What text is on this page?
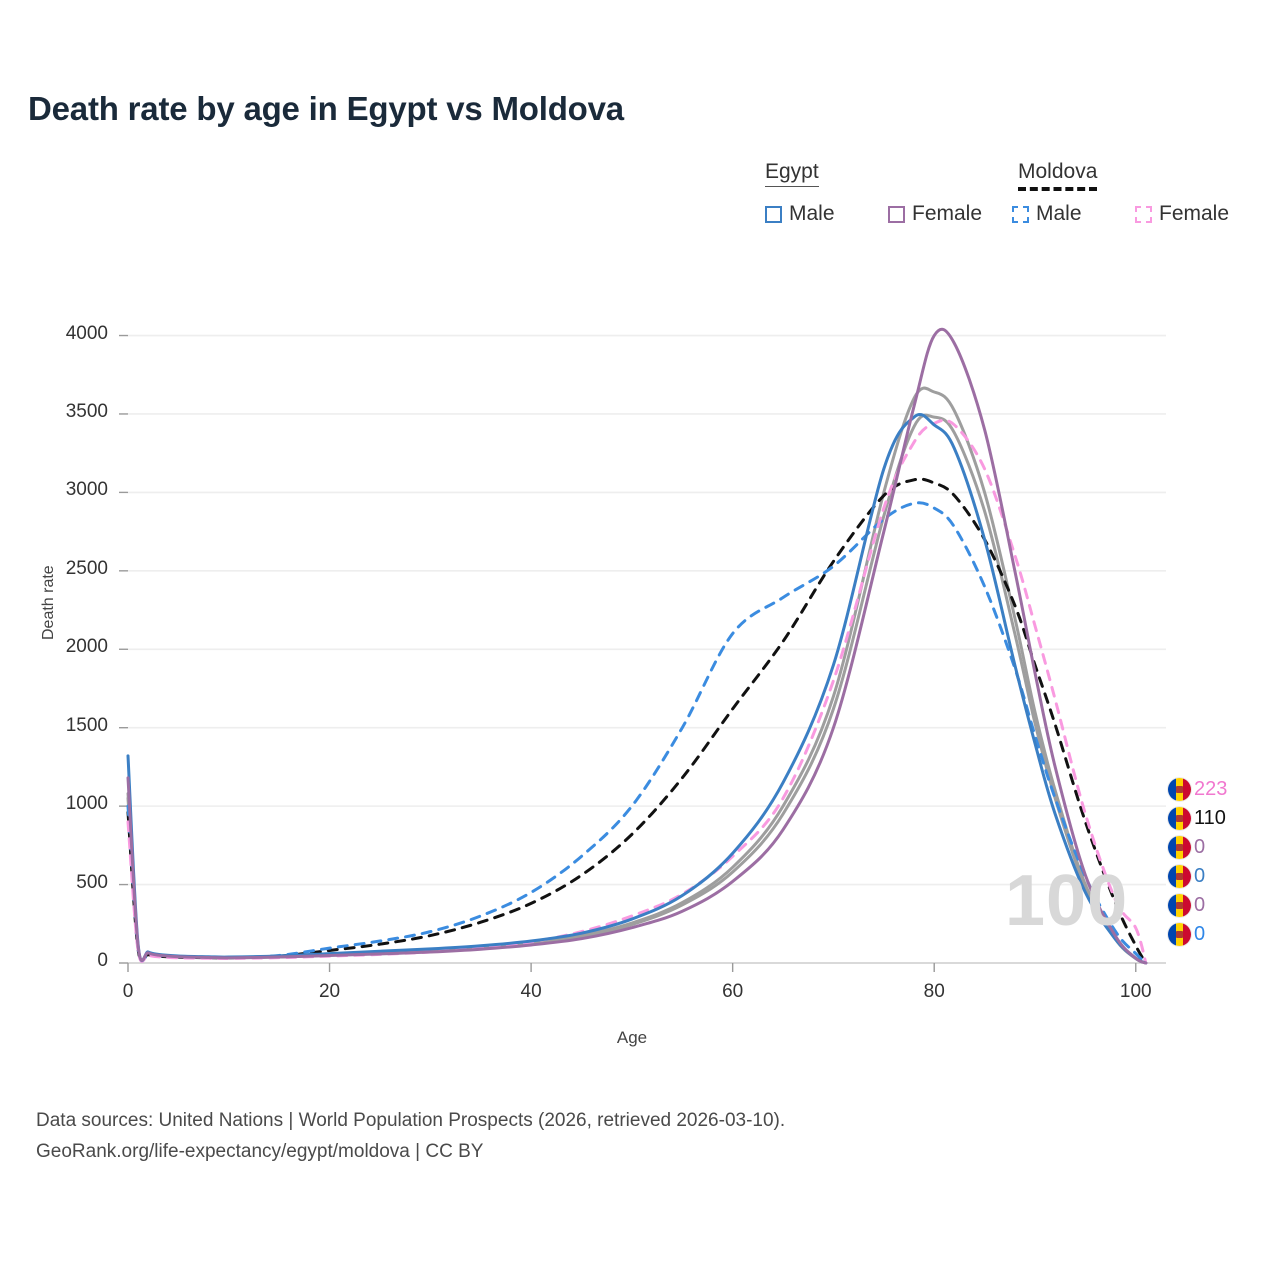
Death rate by age in Egypt vs Moldova
Egypt	Moldova
Male	Female	Male	Female
100
Death rate
Age
223
110
0
0
0
0
Data sources: United Nations | World Population Prospects (2026, retrieved 2026-03-10).
GeoRank.org/life-expectancy/egypt/moldova | CC BY
0
500
1000
1500
2000
2500
3000
3500
4000
0	20	40	60	80	100
